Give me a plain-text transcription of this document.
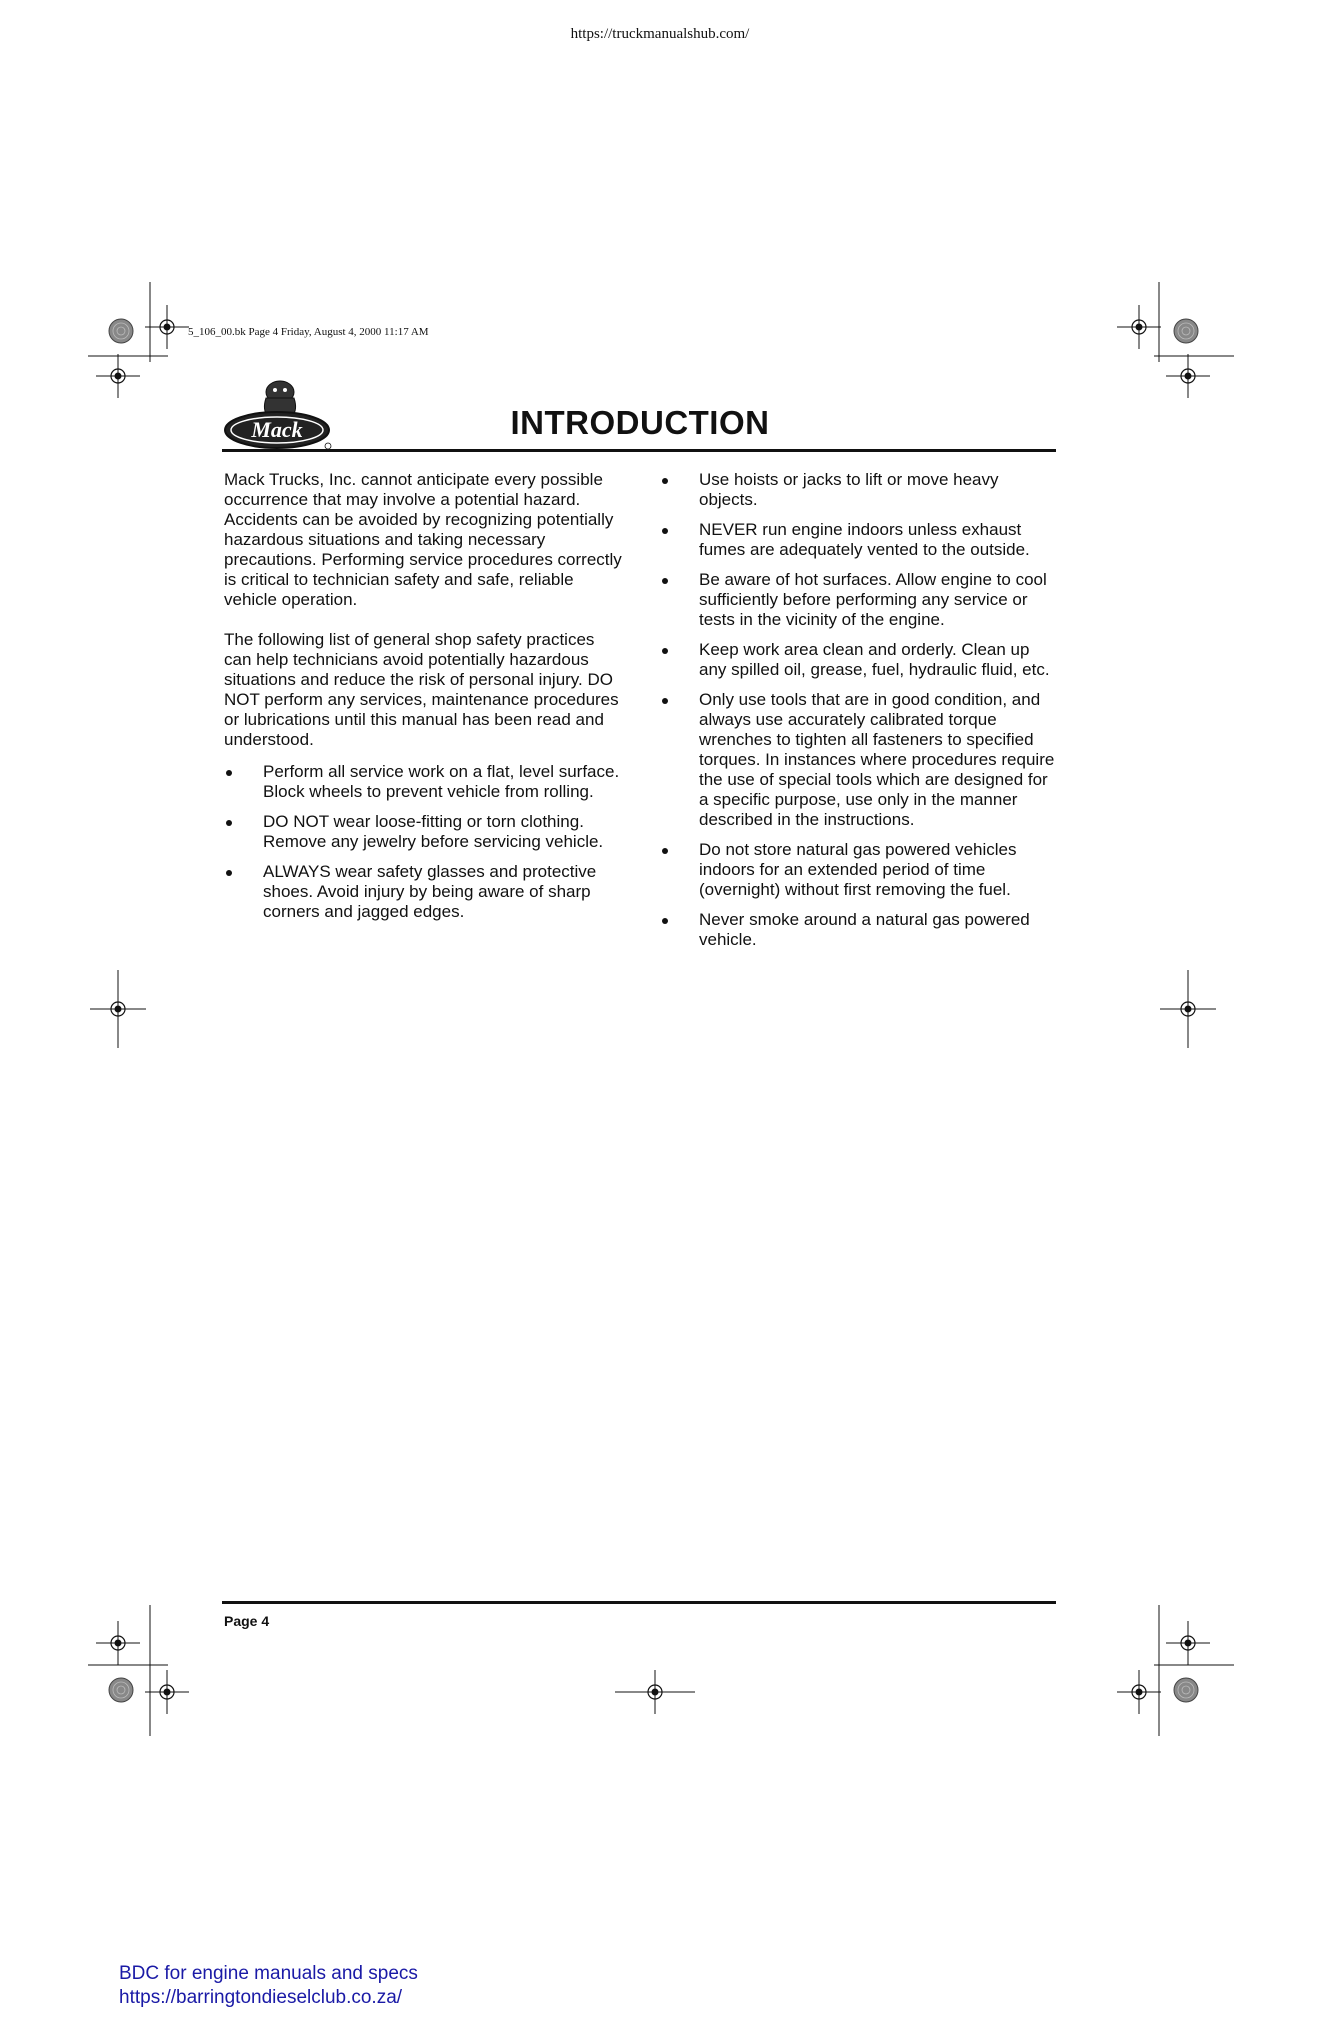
https://truckmanualshub.com/
5_106_00.bk Page 4 Friday, August 4, 2000 11:17 AM
Mack	INTRODUCTION

Mack Trucks, Inc. cannot anticipate every possible occurrence that may involve a potential hazard. Accidents can be avoided by recognizing potentially hazardous situations and taking necessary precautions. Performing service procedures correctly is critical to technician safety and safe, reliable vehicle operation.

The following list of general shop safety practices can help technicians avoid potentially hazardous situations and reduce the risk of personal injury. DO NOT perform any services, maintenance procedures or lubrications until this manual has been read and understood.

Perform all service work on a flat, level surface. Block wheels to prevent vehicle from rolling.
DO NOT wear loose-fitting or torn clothing. Remove any jewelry before servicing vehicle.
ALWAYS wear safety glasses and protective shoes. Avoid injury by being aware of sharp corners and jagged edges.
Use hoists or jacks to lift or move heavy objects.
NEVER run engine indoors unless exhaust fumes are adequately vented to the outside.
Be aware of hot surfaces. Allow engine to cool sufficiently before performing any service or tests in the vicinity of the engine.
Keep work area clean and orderly. Clean up any spilled oil, grease, fuel, hydraulic fluid, etc.
Only use tools that are in good condition, and always use accurately calibrated torque wrenches to tighten all fasteners to specified torques. In instances where procedures require the use of special tools which are designed for a specific purpose, use only in the manner described in the instructions.
Do not store natural gas powered vehicles indoors for an extended period of time (overnight) without first removing the fuel.
Never smoke around a natural gas powered vehicle.
Page 4
BDC for engine manuals and specs
https://barringtondieselclub.co.za/
